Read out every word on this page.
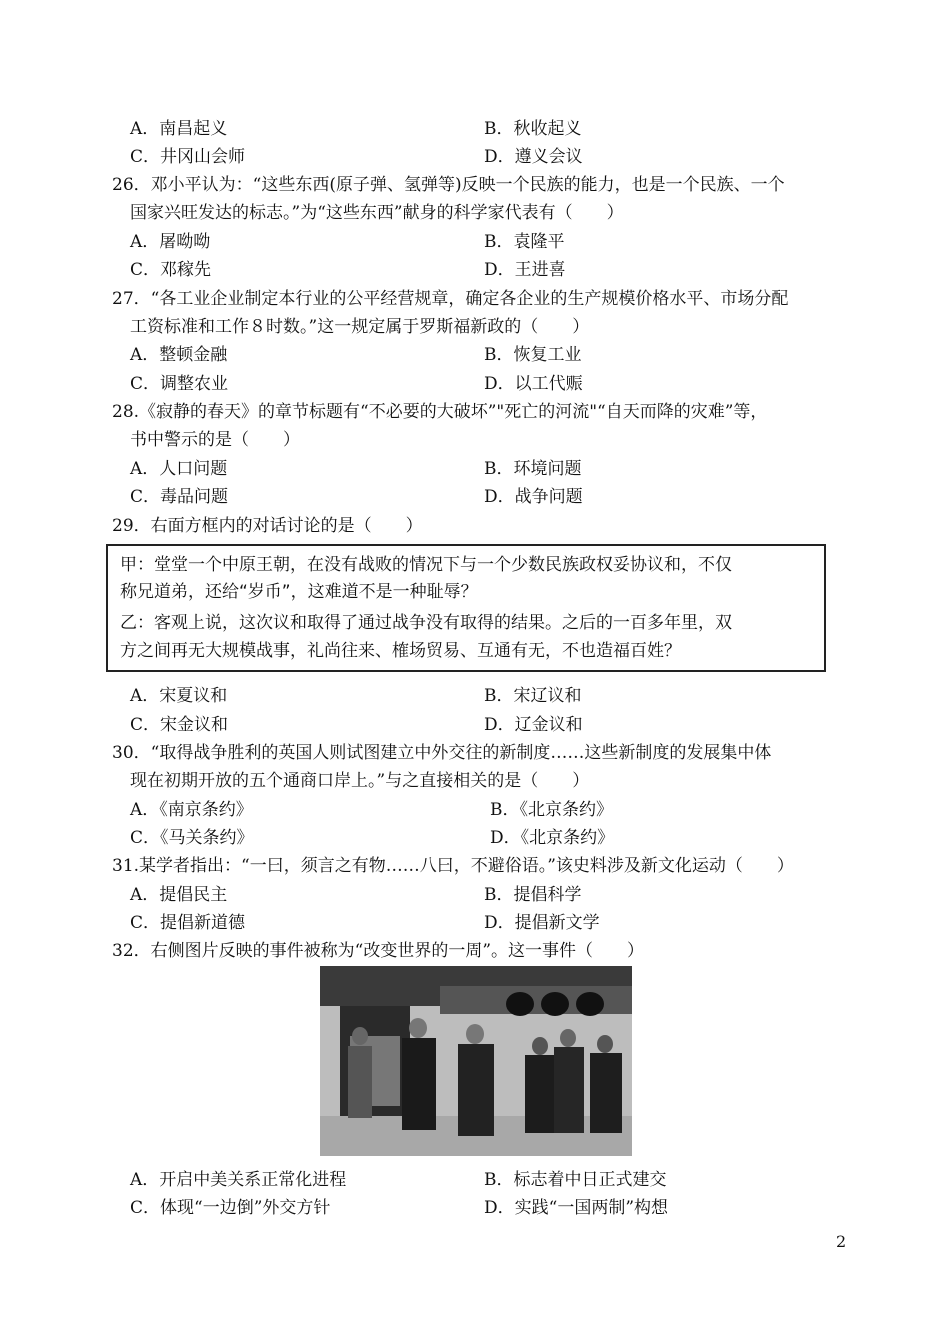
A．南昌起义	B．秋收起义
C．井冈山会师	D．遵义会议
26．邓小平认为：“这些东西(原子弹、氢弹等)反映一个民族的能力，也是一个民族、一个
国家兴旺发达的标志。”为“这些东西”献身的科学家代表有（　　）
A．屠呦呦	B．袁隆平
C．邓稼先	D．王进喜
27．“各工业企业制定本行业的公平经营规章，确定各企业的生产规模价格水平、市场分配
工资标准和工作８时数。”这一规定属于罗斯福新政的（　　）
A．整顿金融	B．恢复工业
C．调整农业	D．以工代赈
28.《寂静的春天》的章节标题有“不必要的大破坏”"死亡的河流"“自天而降的灾难”等，
书中警示的是（　　）
A．人口问题	B．环境问题
C．毒品问题	D．战争问题
29．右面方框内的对话讨论的是（　　）
甲：堂堂一个中原王朝，在没有战败的情况下与一个少数民族政权妥协议和，不仅
称兄道弟，还给“岁币”，这难道不是一种耻辱？
乙：客观上说，这次议和取得了通过战争没有取得的结果。之后的一百多年里，双
方之间再无大规模战事，礼尚往来、榷场贸易、互通有无，不也造福百姓？
A．宋夏议和	B．宋辽议和
C．宋金议和	D．辽金议和
30．“取得战争胜利的英国人则试图建立中外交往的新制度……这些新制度的发展集中体
现在初期开放的五个通商口岸上。”与之直接相关的是（　　）
A．《南京条约》	B．《北京条约》
C．《马关条约》	D．《北京条约》
31.某学者指出：“一曰，须言之有物……八曰，不避俗语。”该史料涉及新文化运动（　　）
A．提倡民主	B．提倡科学
C．提倡新道德	D．提倡新文学
32．右侧图片反映的事件被称为“改变世界的一周”。这一事件（　　）
A．开启中美关系正常化进程	B．标志着中日正式建交
C．体现“一边倒”外交方针	D．实践“一国两制”构想
2
